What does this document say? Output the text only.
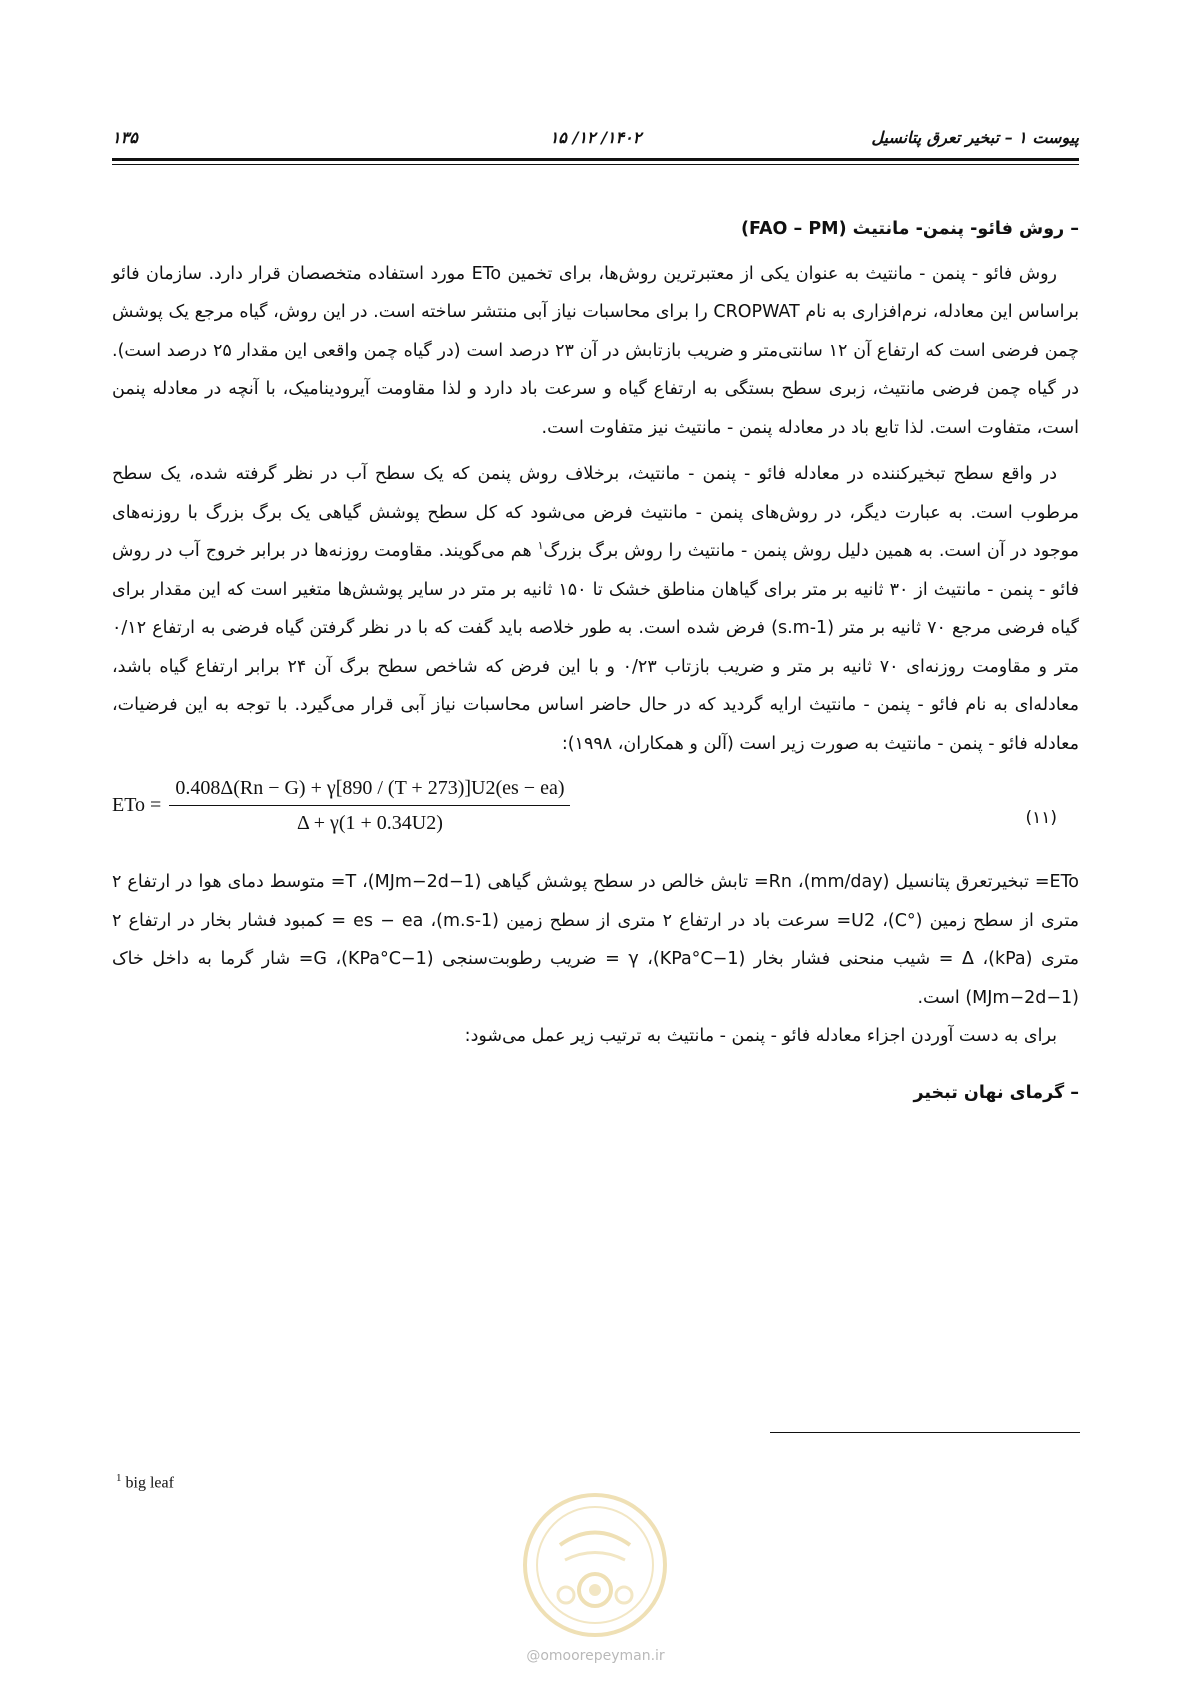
پیوست ۱ – تبخیر تعرق پتانسیل
۱۴۰۲/ ۱۲/ ۱۵
۱۳۵

– روش فائو- پنمن- مانتیث (FAO – PM)

روش فائو - پنمن - مانتیث به عنوان یکی از معتبرترین روش‌ها، برای تخمین ETo مورد استفاده متخصصان قرار دارد. سازمان فائو براساس این معادله، نرم‌افزاری به نام CROPWAT را برای محاسبات نیاز آبی منتشر ساخته است. در این روش، گیاه مرجع یک پوشش چمن فرضی است که ارتفاع آن ۱۲ سانتی‌متر و ضریب بازتابش در آن ۲۳ درصد است (در گیاه چمن واقعی این مقدار ۲۵ درصد است). در گیاه چمن فرضی مانتیث، زبری سطح بستگی به ارتفاع گیاه و سرعت باد دارد و لذا مقاومت آیرودینامیک، با آنچه در معادله پنمن است، متفاوت است. لذا تابع باد در معادله پنمن - مانتیث نیز متفاوت است.

در واقع سطح تبخیرکننده در معادله فائو - پنمن - مانتیث، برخلاف روش پنمن که یک سطح آب در نظر گرفته شده، یک سطح مرطوب است. به عبارت دیگر، در روش‌های پنمن - مانتیث فرض می‌شود که کل سطح پوشش گیاهی یک برگ بزرگ با روزنه‌های موجود در آن است. به همین دلیل روش پنمن - مانتیث را روش برگ بزرگ$^۱$ هم می‌گویند. مقاومت روزنه‌ها در برابر خروج آب در روش فائو - پنمن - مانتیث از ۳۰ ثانیه بر متر برای گیاهان مناطق خشک تا ۱۵۰ ثانیه بر متر در سایر پوشش‌ها متغیر است که این مقدار برای گیاه فرضی مرجع ۷۰ ثانیه بر متر (s.m-1) فرض شده است. به طور خلاصه باید گفت که با در نظر گرفتن گیاه فرضی به ارتفاع ۰/۱۲ متر و مقاومت روزنه‌ای ۷۰ ثانیه بر متر و ضریب بازتاب ۰/۲۳ و با این فرض که شاخص سطح برگ آن ۲۴ برابر ارتفاع گیاه باشد، معادله‌ای به نام فائو - پنمن - مانتیث ارایه گردید که در حال حاضر اساس محاسبات نیاز آبی قرار می‌گیرد. با توجه به این فرضیات، معادله فائو - پنمن - مانتیث به صورت زیر است (آلن و همکاران، ۱۹۹۸):

ETo = $\frac{0.408\Delta(Rn - G) + \gamma[890 / (T + 273)]U2(es - ea)}{\Delta + \gamma(1 + 0.34U2)}$	(۱۱)

ETo= تبخیرتعرق پتانسیل (mm/day)، Rn= تابش خالص در سطح پوشش گیاهی (MJm−2d−1)، T= متوسط دمای هوا در ارتفاع ۲ متری از سطح زمین (°C)، U2= سرعت باد در ارتفاع ۲ متری از سطح زمین (m.s-1)، es − ea = کمبود فشار بخار در ارتفاع ۲ متری (kPa)، Δ = شیب منحنی فشار بخار (KPa°C−1)، γ = ضریب رطوبت‌سنجی (KPa°C−1)، G= شار گرما به داخل خاک (MJm−2d−1) است.

برای به دست آوردن اجزاء معادله فائو - پنمن - مانتیث به ترتیب زیر عمل می‌شود:

– گرمای نهان تبخیر

$^1$ big leaf
@omoorepeyman.ir
